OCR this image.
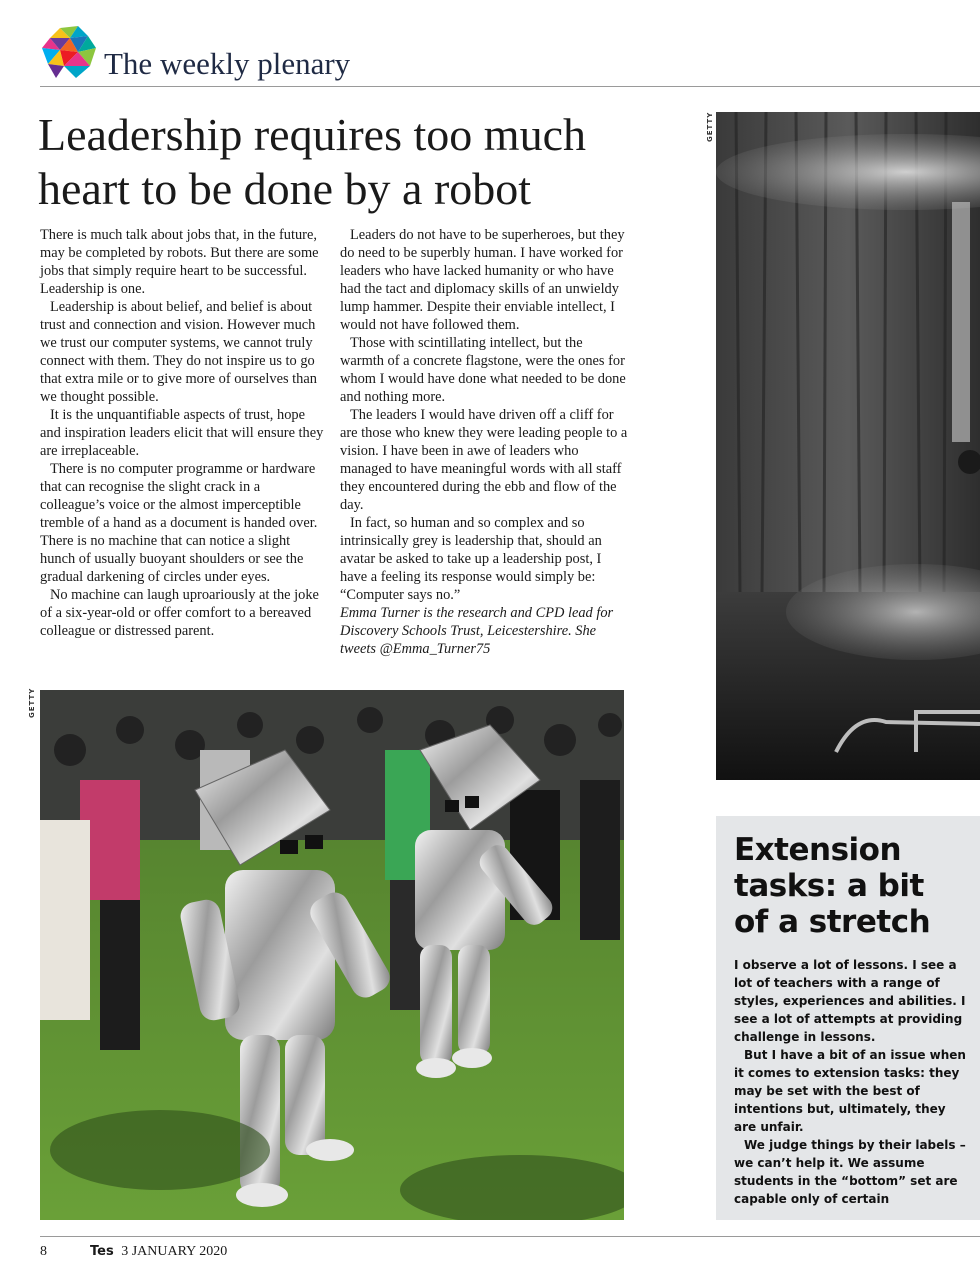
The weekly plenary
Leadership requires too much
heart to be done by a robot

There is much talk about jobs that, in the future, may be completed by robots. But there are some jobs that simply require heart to be successful. Leadership is one.

Leadership is about belief, and belief is about trust and connection and vision. However much we trust our computer systems, we cannot truly connect with them. They do not inspire us to go that extra mile or to give more of ourselves than we thought possible.

It is the unquantifiable aspects of trust, hope and inspiration leaders elicit that will ensure they are irreplaceable.

There is no computer programme or hardware that can recognise the slight crack in a colleague’s voice or the almost imperceptible tremble of a hand as a document is handed over. There is no machine that can notice a slight hunch of usually buoyant shoulders or see the gradual darkening of circles under eyes.

No machine can laugh uproariously at the joke of a six-year-old or offer comfort to a bereaved colleague or distressed parent.

Leaders do not have to be superheroes, but they do need to be superbly human. I have worked for leaders who have lacked humanity or who have had the tact and diplomacy skills of an unwieldy lump hammer. Despite their enviable intellect, I would not have followed them.

Those with scintillating intellect, but the warmth of a concrete flagstone, were the ones for whom I would have done what needed to be done and nothing more.

The leaders I would have driven off a cliff for are those who knew they were leading people to a vision. I have been in awe of leaders who managed to have meaningful words with all staff they encountered during the ebb and flow of the day.

In fact, so human and so complex and so intrinsically grey is leadership that, should an avatar be asked to take up a leadership post, I have a feeling its response would simply be: “Computer says no.”

Emma Turner is the research and CPD lead for Discovery Schools Trust, Leicestershire. She tweets @Emma_Turner75

GETTY
GETTY
Extension
tasks: a bit
of a stretch

I observe a lot of lessons. I see a lot of teachers with a range of styles, experiences and abilities. I see a lot of attempts at providing challenge in lessons.

But I have a bit of an issue when it comes to extension tasks: they may be set with the best of intentions but, ultimately, they are unfair.

We judge things by their labels – we can’t help it. We assume students in the “bottom” set are capable only of certain

8	Tes 3 JANUARY 2020
